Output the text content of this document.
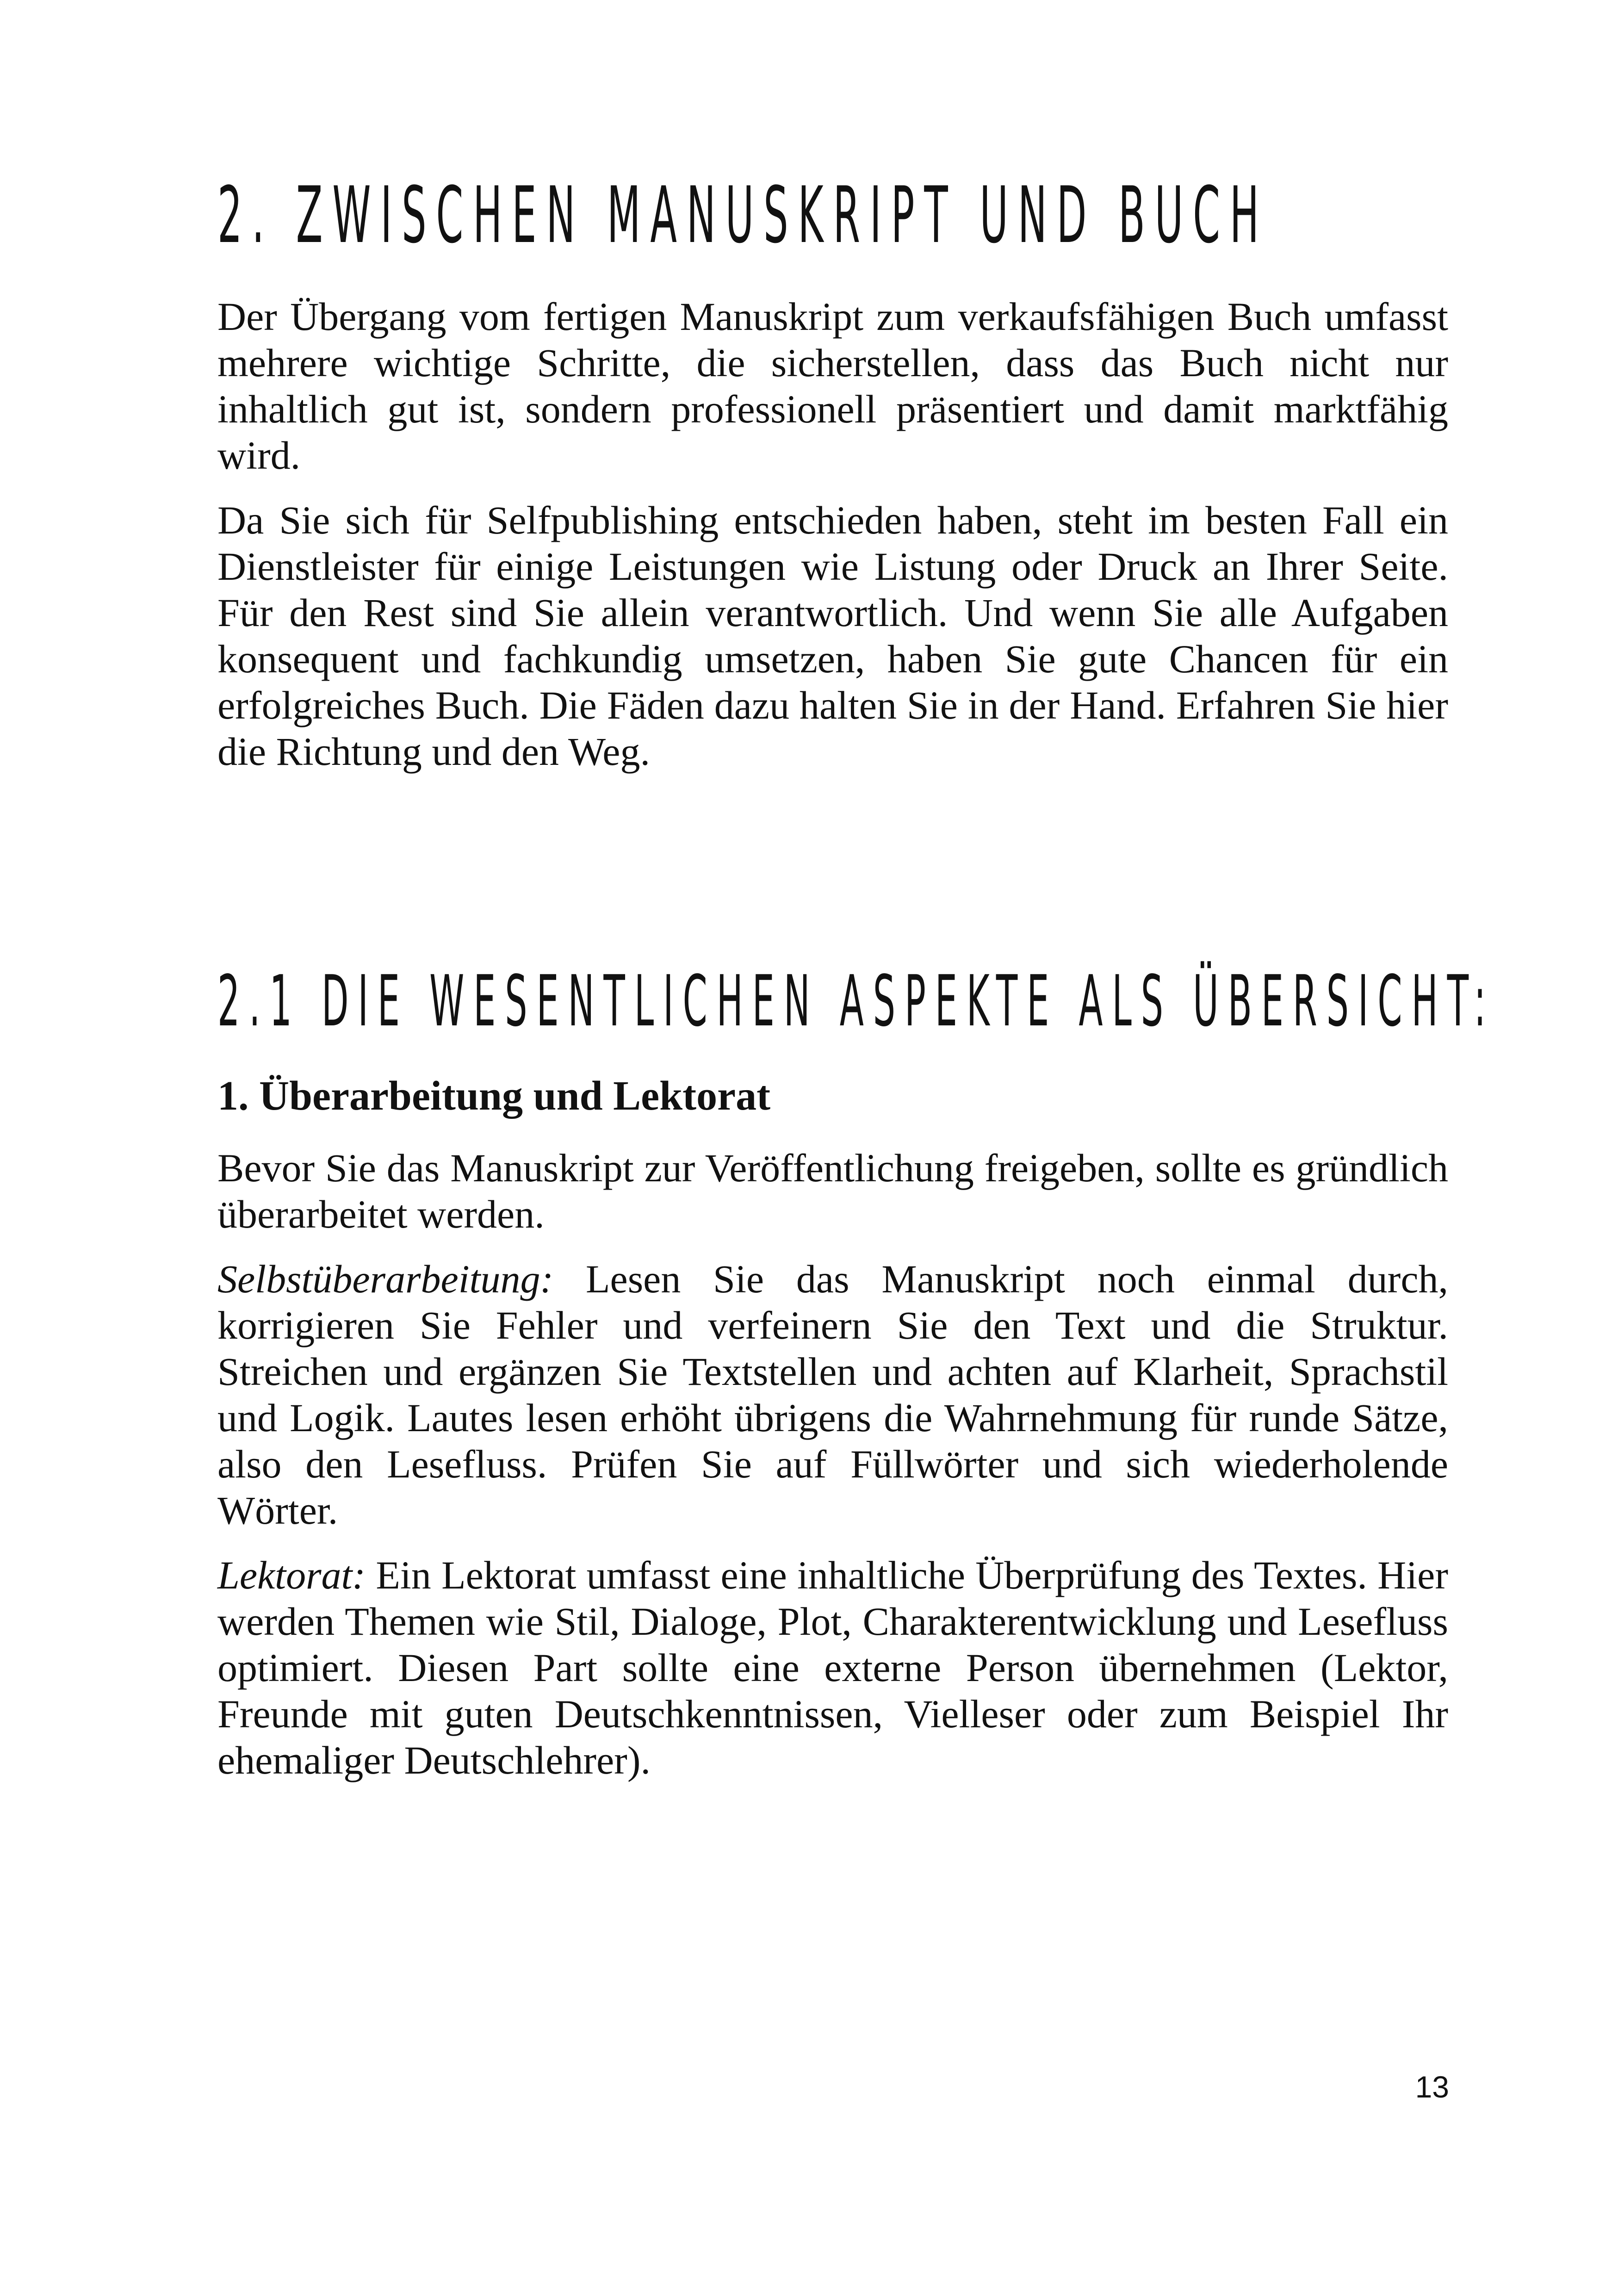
2. ZWISCHEN MANUSKRIPT UND BUCH

Der Übergang vom fertigen Manuskript zum verkaufsfähigen Buch umfasst mehrere wichtige Schritte, die sicherstellen, dass das Buch nicht nur inhaltlich gut ist, sondern professionell präsentiert und damit marktfähig wird.

Da Sie sich für Selfpublishing entschieden haben, steht im besten Fall ein Dienstleister für einige Leistungen wie Listung oder Druck an Ihrer Seite. Für den Rest sind Sie allein verantwortlich. Und wenn Sie alle Aufgaben konsequent und fachkundig umsetzen, haben Sie gute Chancen für ein erfolgreiches Buch. Die Fäden dazu halten Sie in der Hand. Erfahren Sie hier die Richtung und den Weg.

2.1 DIE WESENTLICHEN ASPEKTE ALS ÜBERSICHT:
1. Überarbeitung und Lektorat

Bevor Sie das Manuskript zur Veröffentlichung freigeben, sollte es gründlich überarbeitet werden.

Selbstüberarbeitung: Lesen Sie das Manuskript noch einmal durch, korrigieren Sie Fehler und verfeinern Sie den Text und die Struktur. Streichen und ergänzen Sie Textstellen und achten auf Klarheit, Sprachstil und Logik. Lautes lesen erhöht übrigens die Wahrnehmung für runde Sätze, also den Lesefluss. Prüfen Sie auf Füllwörter und sich wiederholende Wörter.

Lektorat: Ein Lektorat umfasst eine inhaltliche Überprüfung des Textes. Hier werden Themen wie Stil, Dialoge, Plot, Charakterentwicklung und Lesefluss optimiert. Diesen Part sollte eine externe Person übernehmen (Lektor, Freunde mit guten Deutschkenntnissen, Vielleser oder zum Beispiel Ihr ehemaliger Deutschlehrer).

13
